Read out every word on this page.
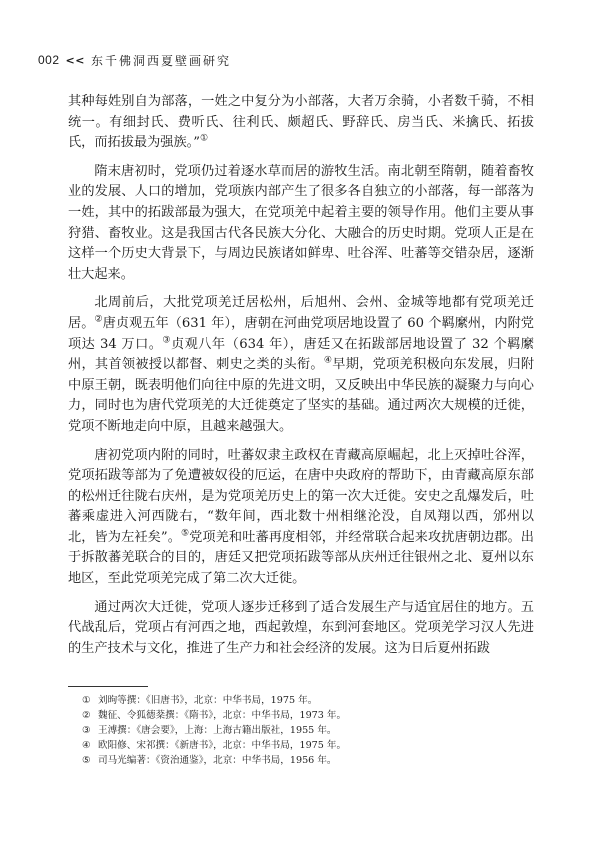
002 << 东千佛洞西夏壁画研究

其种每姓别自为部落，一姓之中复分为小部落，大者万余骑，小者数千骑，不相统一。有细封氏、费听氏、往利氏、颇超氏、野辞氏、房当氏、米擒氏、拓拔氏，而拓拔最为强族。”①

隋末唐初时，党项仍过着逐水草而居的游牧生活。南北朝至隋朝，随着畜牧业的发展、人口的增加，党项族内部产生了很多各自独立的小部落，每一部落为一姓，其中的拓跋部最为强大，在党项羌中起着主要的领导作用。他们主要从事狩猎、畜牧业。这是我国古代各民族大分化、大融合的历史时期。党项人正是在这样一个历史大背景下，与周边民族诸如鲜卑、吐谷浑、吐蕃等交错杂居，逐渐壮大起来。

北周前后，大批党项羌迁居松州，后旭州、会州、金城等地都有党项羌迁居。②唐贞观五年（631 年），唐朝在河曲党项居地设置了 60 个羁縻州，内附党项达 34 万口。③贞观八年（634 年），唐廷又在拓跋部居地设置了 32 个羁縻州，其首领被授以都督、刺史之类的头衔。④早期，党项羌积极向东发展，归附中原王朝，既表明他们向往中原的先进文明，又反映出中华民族的凝聚力与向心力，同时也为唐代党项羌的大迁徙奠定了坚实的基础。通过两次大规模的迁徙，党项不断地走向中原，且越来越强大。

唐初党项内附的同时，吐蕃奴隶主政权在青藏高原崛起，北上灭掉吐谷浑，党项拓跋等部为了免遭被奴役的厄运，在唐中央政府的帮助下，由青藏高原东部的松州迁往陇右庆州，是为党项羌历史上的第一次大迁徙。安史之乱爆发后，吐蕃乘虚进入河西陇右，“数年间，西北数十州相继沦没，自凤翔以西，邠州以北，皆为左衽矣”。⑤党项羌和吐蕃再度相邻，并经常联合起来攻扰唐朝边郡。出于拆散蕃羌联合的目的，唐廷又把党项拓跋等部从庆州迁往银州之北、夏州以东地区，至此党项羌完成了第二次大迁徙。

通过两次大迁徙，党项人逐步迁移到了适合发展生产与适宜居住的地方。五代战乱后，党项占有河西之地，西起敦煌，东到河套地区。党项羌学习汉人先进的生产技术与文化，推进了生产力和社会经济的发展。这为日后夏州拓跋

① 刘昫等撰：《旧唐书》，北京：中华书局，1975 年。
② 魏征、令狐德棻撰：《隋书》，北京：中华书局，1973 年。
③ 王溥撰：《唐会要》，上海：上海古籍出版社，1955 年。
④ 欧阳修、宋祁撰：《新唐书》，北京：中华书局，1975 年。
⑤ 司马光编著：《资治通鉴》，北京：中华书局，1956 年。
